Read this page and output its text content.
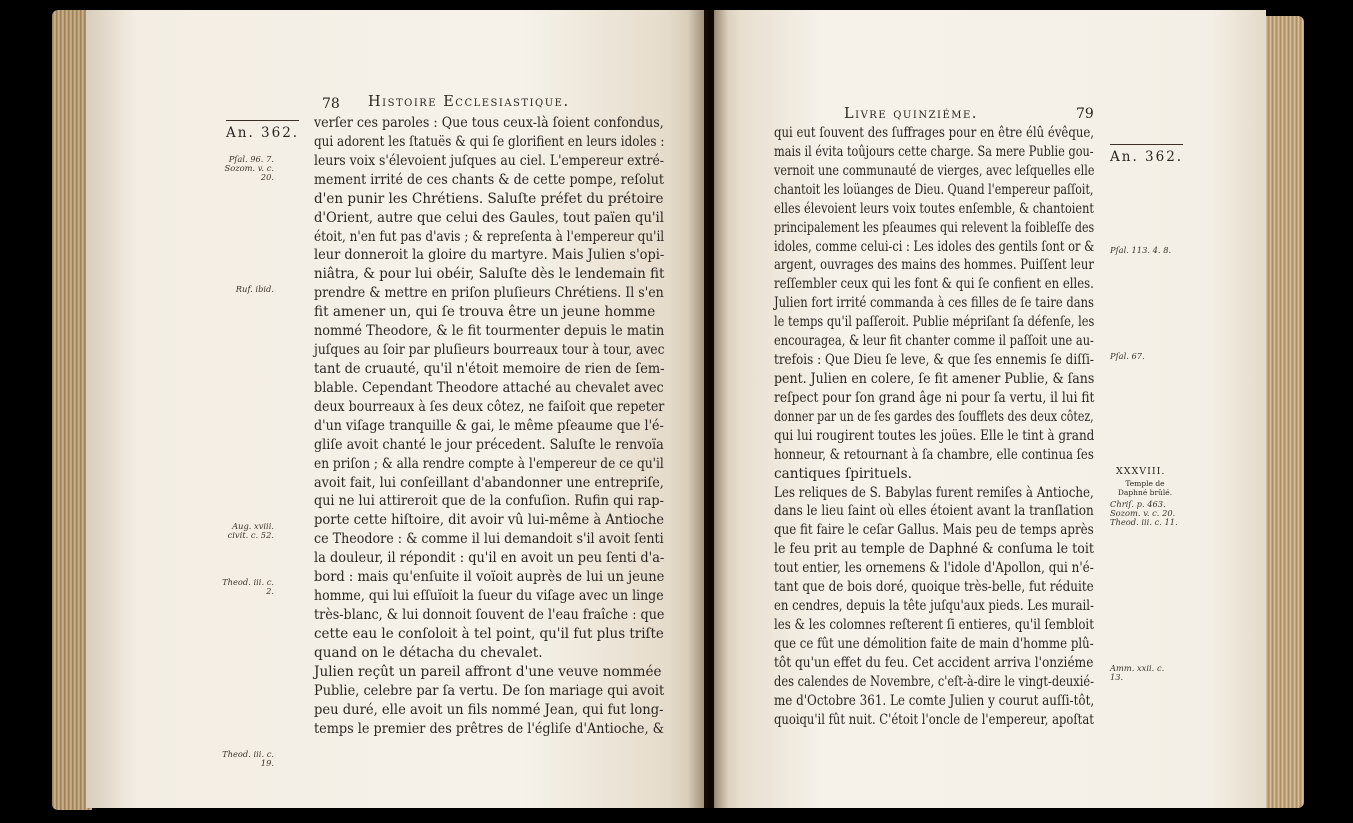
78 Histoire Ecclesiastique.
An. 362.
Pſal. 96. 7. Sozom. v. c. 20.
Ruf. ibid.
Aug. xviii. civit. c. 52.
Theod. iii. c. 2.
Theod. iii. c. 19.
verſer ces paroles : Que tous ceux-là ſoient confondus,
qui adorent les ſtatuës & qui ſe glorifient en leurs idoles :
leurs voix s'élevoient juſques au ciel. L'empereur extré-
mement irrité de ces chants & de cette pompe, reſolut
d'en punir les Chrétiens. Saluſte préfet du prétoire
d'Orient, autre que celui des Gaules, tout païen qu'il
étoit, n'en fut pas d'avis ; & repreſenta à l'empereur qu'il
leur donneroit la gloire du martyre. Mais Julien s'opi-
niâtra, & pour lui obéir, Saluſte dès le lendemain fit
prendre & mettre en priſon pluſieurs Chrétiens. Il s'en
fit amener un, qui ſe trouva être un jeune homme
nommé Theodore, & le fit tourmenter depuis le matin
juſques au ſoir par pluſieurs bourreaux tour à tour, avec
tant de cruauté, qu'il n'étoit memoire de rien de ſem-
blable. Cependant Theodore attaché au chevalet avec
deux bourreaux à ſes deux côtez, ne faiſoit que repeter
d'un viſage tranquille & gai, le même pſeaume que l'é-
gliſe avoit chanté le jour précedent. Saluſte le renvoïa
en priſon ; & alla rendre compte à l'empereur de ce qu'il
avoit fait, lui conſeillant d'abandonner une entrepriſe,
qui ne lui attireroit que de la confuſion. Rufin qui rap-
porte cette hiſtoire, dit avoir vû lui-même à Antioche
ce Theodore : & comme il lui demandoit s'il avoit ſenti
la douleur, il répondit : qu'il en avoit un peu ſenti d'a-
bord : mais qu'enſuite il voïoit auprès de lui un jeune
homme, qui lui eſſuïoit la ſueur du viſage avec un linge
très-blanc, & lui donnoit ſouvent de l'eau fraîche : que
cette eau le conſoloit à tel point, qu'il fut plus triſte
quand on le détacha du chevalet.
Julien reçût un pareil affront d'une veuve nommée
Publie, celebre par ſa vertu. De ſon mariage qui avoit
peu duré, elle avoit un fils nommé Jean, qui fut long-
temps le premier des prêtres de l'égliſe d'Antioche, &
Livre quinziéme.	79
An. 362.
Pſal. 113. 4. 8.
Pſal. 67.
Chriſ. p. 463. Sozom. v. c. 20. Theod. iii. c. 11.
Amm. xxii. c. 13.
XXXVIII.
Temple de Daphné brûlé.
qui eut ſouvent des ſuffrages pour en être élû évêque,
mais il évita toûjours cette charge. Sa mere Publie gou-
vernoit une communauté de vierges, avec leſquelles elle
chantoit les loüanges de Dieu. Quand l'empereur paſſoit,
elles élevoient leurs voix toutes enſemble, & chantoient
principalement les pſeaumes qui relevent la foibleſſe des
idoles, comme celui-ci : Les idoles des gentils ſont or &
argent, ouvrages des mains des hommes. Puiſſent leur
reſſembler ceux qui les font & qui ſe confient en elles.
Julien fort irrité commanda à ces filles de ſe taire dans
le temps qu'il paſſeroit. Publie mépriſant ſa défenſe, les
encouragea, & leur fit chanter comme il paſſoit une au-
trefois : Que Dieu ſe leve, & que ſes ennemis ſe diſſi-
pent. Julien en colere, ſe fit amener Publie, & ſans
reſpect pour ſon grand âge ni pour ſa vertu, il lui fit
donner par un de ſes gardes des ſoufflets des deux côtez,
qui lui rougirent toutes les joües. Elle le tint à grand
honneur, & retournant à ſa chambre, elle continua ſes
cantiques ſpirituels.
Les reliques de S. Babylas furent remiſes à Antioche,
dans le lieu ſaint où elles étoient avant la tranſlation
que fit faire le ceſar Gallus. Mais peu de temps après
le feu prit au temple de Daphné & conſuma le toit
tout entier, les ornemens & l'idole d'Apollon, qui n'é-
tant que de bois doré, quoique très-belle, fut réduite
en cendres, depuis la tête juſqu'aux pieds. Les murail-
les & les colomnes reſterent ſi entieres, qu'il ſembloit
que ce fût une démolition faite de main d'homme plû-
tôt qu'un effet du feu. Cet accident arriva l'onziéme
des calendes de Novembre, c'eſt-à-dire le vingt-deuxié-
me d'Octobre 361. Le comte Julien y courut auſſi-tôt,
quoiqu'il fût nuit. C'étoit l'oncle de l'empereur, apoſtat
